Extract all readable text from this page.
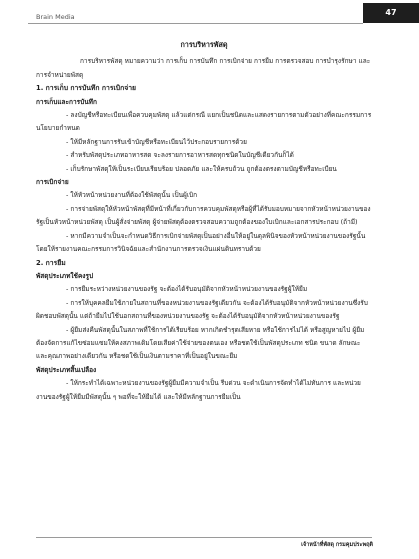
Brain Media	47

การบริหารพัสดุ

การบริหารพัสดุ หมายความว่า การเก็บ การบันทึก การเบิกจ่าย การยืม การตรวจสอบ การบำรุงรักษา และการจำหน่ายพัสดุ

1. การเก็บ การบันทึก การเบิกจ่าย

การเก็บและการบันทึก

- ลงบัญชีหรือทะเบียนเพื่อควบคุมพัสดุ แล้วแต่กรณี แยกเป็นชนิดและแสดงรายการตามตัวอย่างที่คณะกรรมการนโยบายกำหนด

- ให้มีหลักฐานการรับเข้าบัญชีหรือทะเบียนไว้ประกอบรายการด้วย

- สำหรับพัสดุประเภทอาหารสด จะลงรายการอาหารสดทุกชนิดในบัญชีเดียวกันก็ได้

- เก็บรักษาพัสดุให้เป็นระเบียบเรียบร้อย ปลอดภัย และให้ครบถ้วน ถูกต้องตรงตามบัญชีหรือทะเบียน

การเบิกจ่าย

- ให้หัวหน้าหน่วยงานที่ต้องใช้พัสดุนั้น เป็นผู้เบิก

- การจ่ายพัสดุให้หัวหน้าพัสดุที่มีหน้าที่เกี่ยวกับการควบคุมพัสดุหรือผู้ที่ได้รับมอบหมายจากหัวหน้าหน่วยงานของรัฐเป็นหัวหน้าหน่วยพัสดุ เป็นผู้สั่งจ่ายพัสดุ ผู้จ่ายพัสดุต้องตรวจสอบความถูกต้องของใบเบิกและเอกสารประกอบ (ถ้ามี)

- หากมีความจำเป็นจะกำหนดวิธีการเบิกจ่ายพัสดุเป็นอย่างอื่นให้อยู่ในดุลพินิจของหัวหน้าหน่วยงานของรัฐนั้น โดยให้รายงานคณะกรรมการวินิจฉัยและสำนักงานการตรวจเงินแผ่นดินทราบด้วย

2. การยืม

พัสดุประเภทใช้คงรูป

- การยืมระหว่างหน่วยงานของรัฐ จะต้องได้รับอนุมัติจากหัวหน้าหน่วยงานของรัฐผู้ให้ยืม

- การให้บุคคลยืมใช้ภายในสถานที่ของหน่วยงานของรัฐเดียวกัน จะต้องได้รับอนุมัติจากหัวหน้าหน่วยงานซึ่งรับผิดชอบพัสดุนั้น แต่ถ้ายืมไปใช้นอกสถานที่ของหน่วยงานของรัฐ จะต้องได้รับอนุมัติจากหัวหน้าหน่วยงานของรัฐ

- ผู้ยืมส่งคืนพัสดุนั้นในสภาพที่ใช้การได้เรียบร้อย หากเกิดชำรุดเสียหาย หรือใช้การไม่ได้ หรือสูญหายไป ผู้ยืมต้องจัดการแก้ไขซ่อมแซมให้คงสภาพเดิมโดยเสียค่าใช้จ่ายของตนเอง หรือชดใช้เป็นพัสดุประเภท ชนิด ขนาด ลักษณะและคุณภาพอย่างเดียวกัน หรือชดใช้เป็นเงินตามราคาที่เป็นอยู่ในขณะยืม

พัสดุประเภทสิ้นเปลือง

- ให้กระทำได้เฉพาะหน่วยงานของรัฐผู้ยืมมีความจำเป็น รีบด่วน จะดำเนินการจัดทำได้ไม่ทันการ และหน่วยงานของรัฐผู้ให้ยืมมีพัสดุนั้น ๆ พอที่จะให้ยืมได้ และให้มีหลักฐานการยืมเป็น

เจ้าหน้าที่พัสดุ กรมคุมประพฤติ
